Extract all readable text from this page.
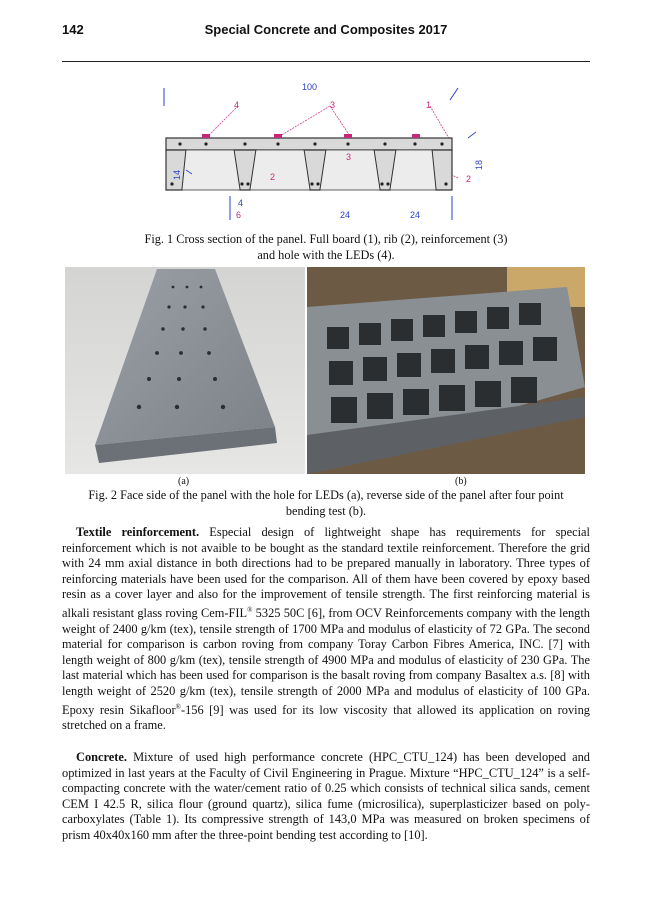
142	Special Concrete and Composites 2017
100
4	3	1
3
2	2
14
18
4
6	24	24
Fig. 1 Cross section of the panel. Full board (1), rib (2), reinforcement (3)
and hole with the LEDs (4).
(a)	(b)
Fig. 2 Face side of the panel with the hole for LEDs (a), reverse side of the panel after four point
bending test (b).

Textile reinforcement. Especial design of lightweight shape has requirements for special reinforcement which is not avaible to be bought as the standard textile reinforcement. Therefore the grid with 24 mm axial distance in both directions had to be prepared manually in laboratory. Three types of reinforcing materials have been used for the comparison. All of them have been covered by epoxy based resin as a cover layer and also for the improvement of tensile strength. The first reinforcing material is alkali resistant glass roving Cem-FIL® 5325 50C [6], from OCV Reinforcements company with the length weight of 2400 g/km (tex), tensile strength of 1700 MPa and modulus of elasticity of 72 GPa. The second material for comparison is carbon roving from company Toray Carbon Fibres America, INC. [7] with length weight of 800 g/km (tex), tensile strength of 4900 MPa and modulus of elasticity of 230 GPa. The last material which has been used for comparison is the basalt roving from company Basaltex a.s. [8] with length weight of 2520 g/km (tex), tensile strength of 2000 MPa and modulus of elasticity of 100 GPa. Epoxy resin Sikafloor®-156 [9] was used for its low viscosity that allowed its application on roving stretched on a frame.

Concrete. Mixture of used high performance concrete (HPC_CTU_124) has been developed and optimized in last years at the Faculty of Civil Engineering in Prague. Mixture “HPC_CTU_124” is a self-compacting concrete with the water/cement ratio of 0.25 which consists of technical silica sands, cement CEM I 42.5 R, silica flour (ground quartz), silica fume (microsilica), superplasticizer based on poly-carboxylates (Table 1). Its compressive strength of 143,0 MPa was measured on broken specimens of prism 40x40x160 mm after the three-point bending test according to [10].
